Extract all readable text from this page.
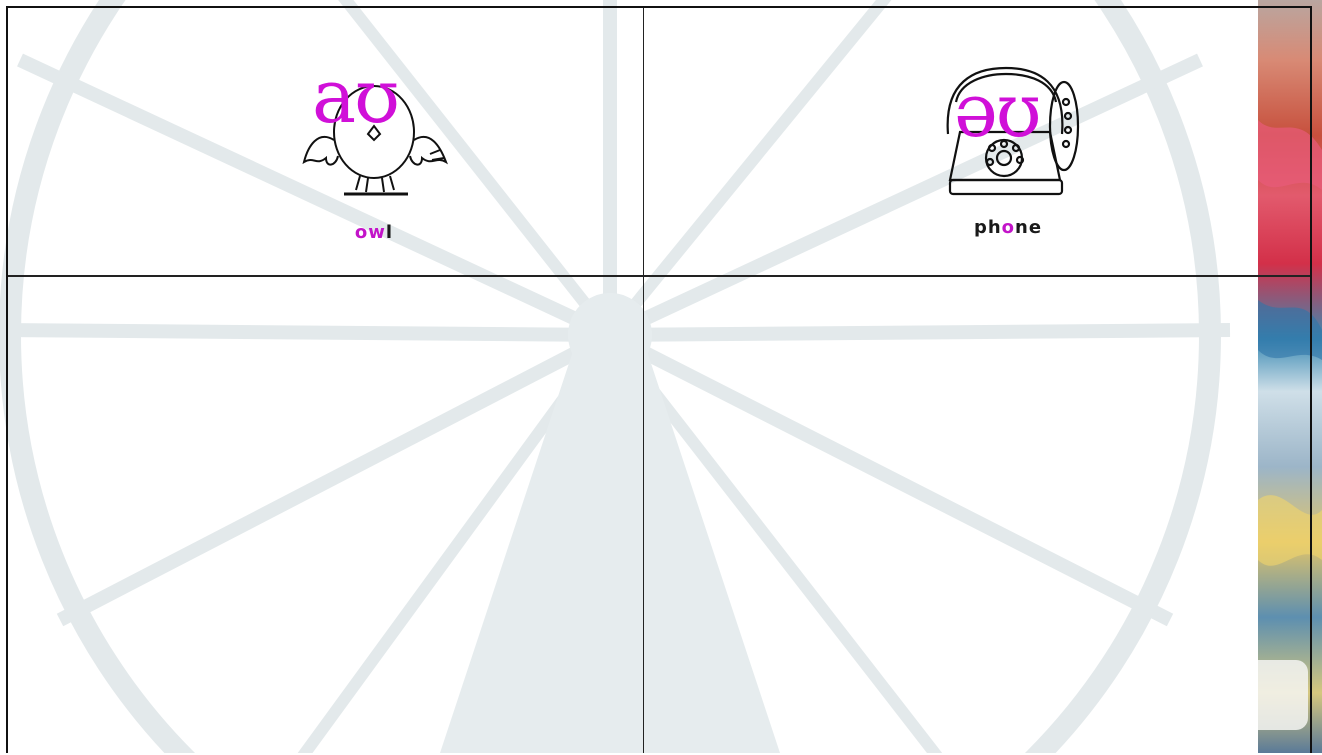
aʊ
owl
əʊ
phone
